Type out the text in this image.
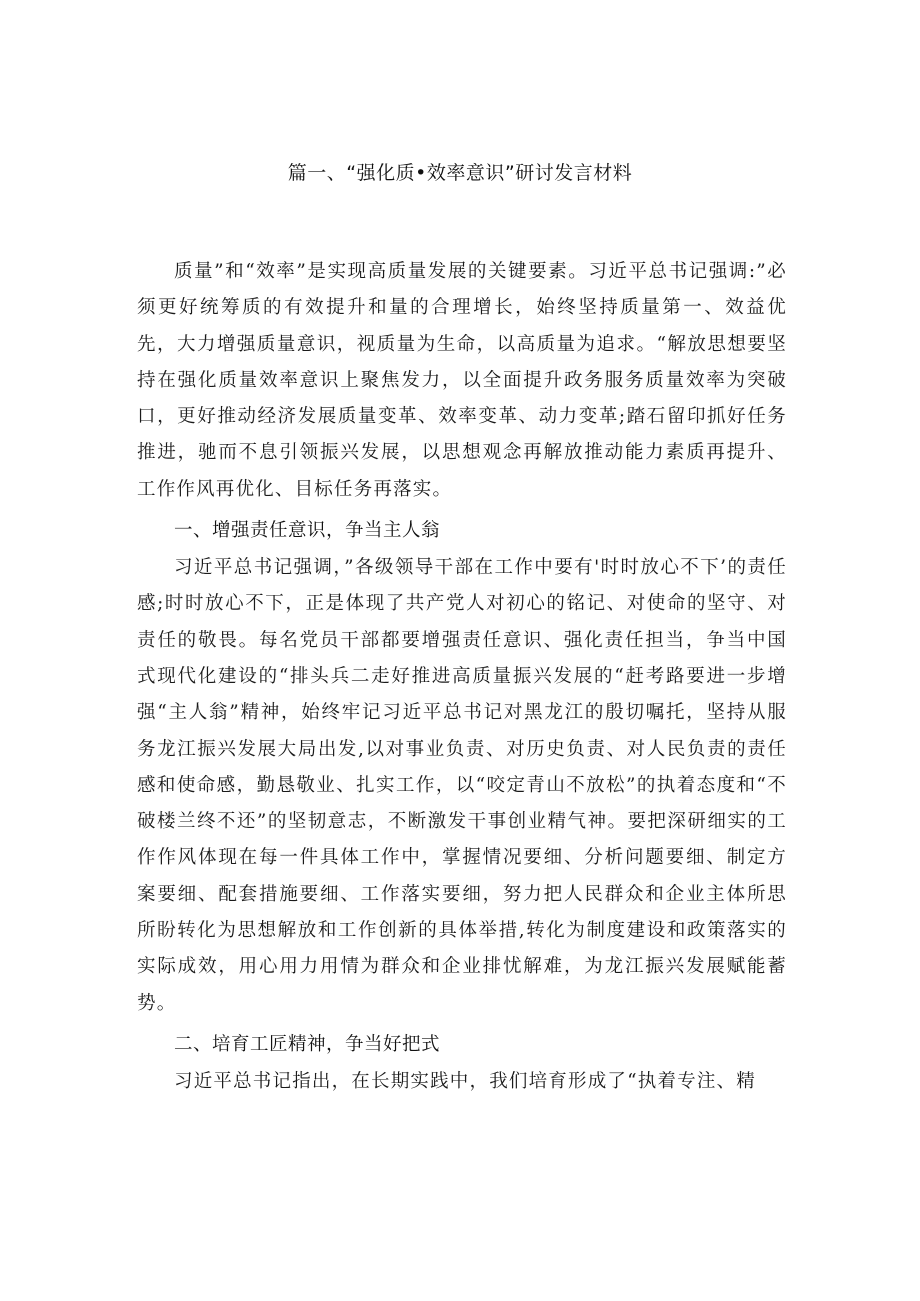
篇一、“强化质•效率意识”研讨发言材料

质量”和“效率”是实现高质量发展的关键要素。习近平总书记强调:”必须更好统筹质的有效提升和量的合理增长，始终坚持质量第一、效益优先，大力增强质量意识，视质量为生命，以高质量为追求。“解放思想要坚持在强化质量效率意识上聚焦发力，以全面提升政务服务质量效率为突破口，更好推动经济发展质量变革、效率变革、动力变革;踏石留印抓好任务推进，驰而不息引领振兴发展，以思想观念再解放推动能力素质再提升、工作作风再优化、目标任务再落实。

一、增强责任意识，争当主人翁

习近平总书记强调，”各级领导干部在工作中要有'时时放心不下’的责任感;时时放心不下，正是体现了共产党人对初心的铭记、对使命的坚守、对责任的敬畏。每名党员干部都要增强责任意识、强化责任担当，争当中国式现代化建设的“排头兵二走好推进高质量振兴发展的“赶考路要进一步增强“主人翁”精神，始终牢记习近平总书记对黑龙江的殷切嘱托，坚持从服务龙江振兴发展大局出发,以对事业负责、对历史负责、对人民负责的责任感和使命感，勤恳敬业、扎实工作，以“咬定青山不放松”的执着态度和“不破楼兰终不还”的坚韧意志，不断激发干事创业精气神。要把深研细实的工作作风体现在每一件具体工作中，掌握情况要细、分析问题要细、制定方案要细、配套措施要细、工作落实要细，努力把人民群众和企业主体所思所盼转化为思想解放和工作创新的具体举措,转化为制度建设和政策落实的实际成效，用心用力用情为群众和企业排忧解难，为龙江振兴发展赋能蓄势。

二、培育工匠精神，争当好把式

习近平总书记指出，在长期实践中，我们培育形成了“执着专注、精
